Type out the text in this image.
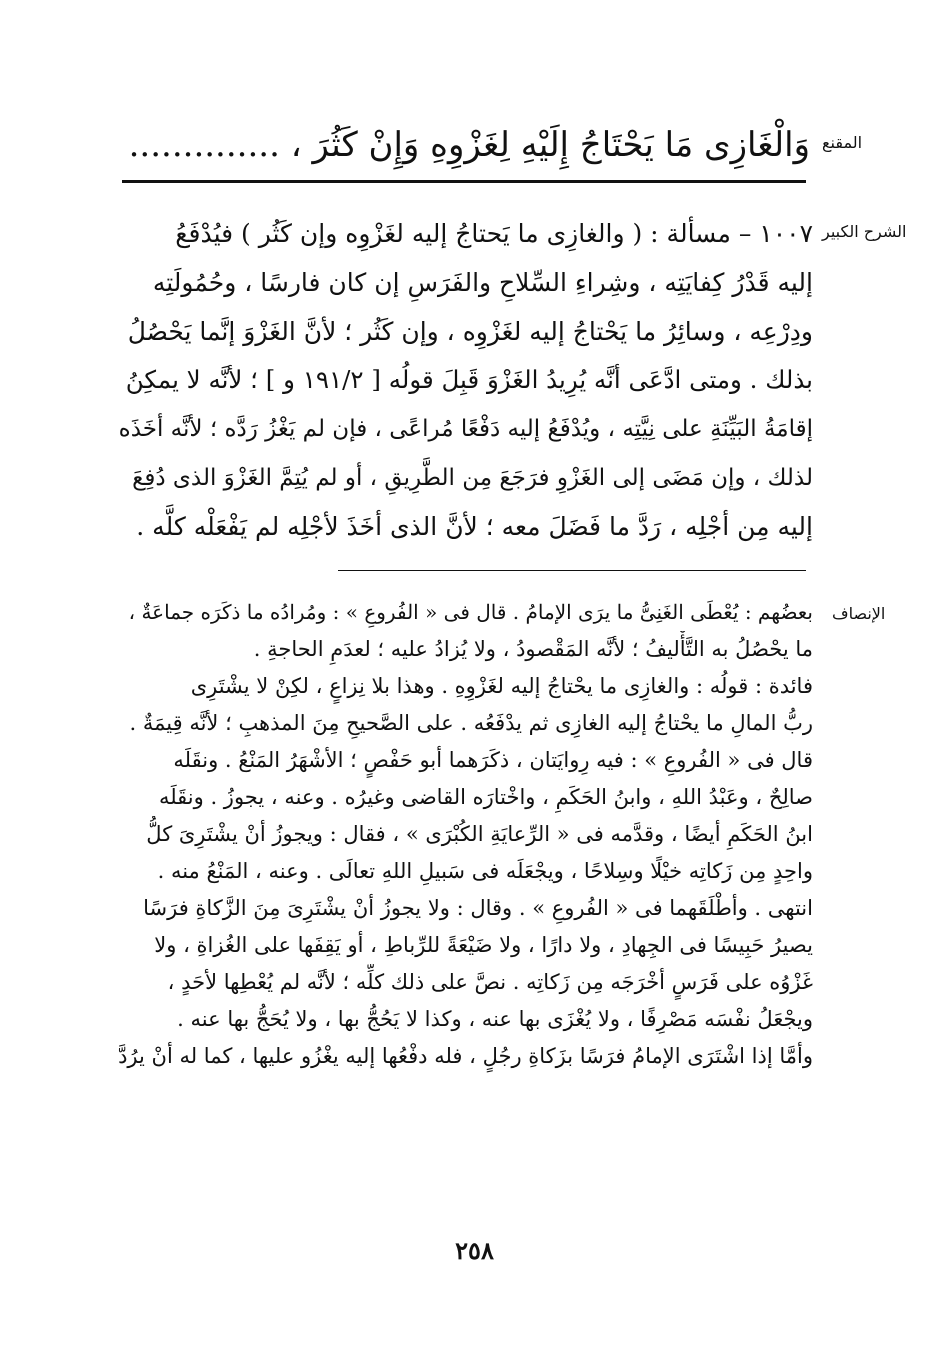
المقنع
وَالْغَازِى مَا يَحْتَاجُ إِلَيْهِ لِغَزْوِهِ وَإِنْ كَثُرَ ، ..............
الشرح الكبير
١٠٠٧ – مسألة : ( والغازِى ما يَحتاجُ إليه لغَزْوِه وإن كَثُر ) فيُدْفَعُ
إليه قَدْرُ كِفايَتِه ، وشِراءِ السِّلاحِ والفَرَسِ إن كان فارسًا ، وحُمُولَتِه
ودِرْعِه ، وسائِرُ ما يَحْتاجُ إليه لغَزْوِه ، وإن كَثُر ؛ لأنَّ الغَزْوَ إنَّما يَحْصُلُ
بذلك . ومتى ادَّعَى أنَّه يُرِيدُ الغَزْوَ قَبِلَ قولُه [ ١٩١/٢ و ] ؛ لأنَّه لا يمكِنُ
إقامَةُ البَيِّنَةِ على نِيَّتِه ، ويُدْفَعُ إليه دَفْعًا مُراعًى ، فإن لم يَغْزُ رَدَّه ؛ لأنَّه أخَذَه
لذلك ، وإن مَضَى إلى الغَزْوِ فرَجَعَ مِن الطَّرِيقِ ، أو لم يُتِمَّ الغَزْوَ الذى دُفِعَ
إليه مِن أجْلِه ، رَدَّ ما فَضَلَ معه ؛ لأنَّ الذى أخَذَ لأجْلِه لم يَفْعَلْه كلَّه .
الإنصاف
بعضُهم : يُعْطَى الغَنِىُّ ما يرَى الإمامُ . قال فى « الفُروعِ » : ومُرادُه ما ذكَرَه جماعَةٌ ،
ما يحْصُلُ به التَّأْليفُ ؛ لأنَّه المَقْصودُ ، ولا يُزادُ عليه ؛ لعدَمِ الحاجةِ .
فائدة : قولُه : والغازِى ما يحْتاجُ إليه لغَزْوِهِ . وهذا بلا نِزاعٍ ، لكِنْ لا يشْتَرِى
ربُّ المالِ ما يحْتاجُ إليه الغازِى ثم يدْفَعُه . على الصَّحيحِ مِنَ المذهبِ ؛ لأنَّه قِيمَةٌ .
قال فى « الفُروعِ » : فيه رِوايَتان ، ذكَرَهما أبو حَفْصٍ ؛ الأشْهَرُ المَنْعُ . ونقَلَه
صالِحٌ ، وعَبْدُ اللهِ ، وابنُ الحَكَمِ ، واخْتارَه القاضى وغيرُه . وعنه ، يجوزُ . ونقَلَه
ابنُ الحَكَمِ أيضًا ، وقدَّمه فى « الرِّعايَةِ الكُبْرَى » ، فقال : ويجوزُ أنْ يشْتَرِىَ كلُّ
واحِدٍ مِن زَكاتِه خيْلًا وسِلاحًا ، ويجْعَلَه فى سَبيلِ اللهِ تعالَى . وعنه ، المَنْعُ منه .
انتهى . وأطْلَقَهما فى « الفُروعِ » . وقال : ولا يجوزُ أنْ يشْتَرِىَ مِنَ الزَّكاةِ فرَسًا
يصيرُ حَبِيسًا فى الجِهادِ ، ولا دارًا ، ولا ضَيْعَةً للرِّباطِ ، أو يَقِفَها على الغُزاةِ ، ولا
غَزْوُه على فَرَسٍ أخْرَجَه مِن زَكاتِه . نصَّ على ذلك كلِّه ؛ لأنَّه لم يُعْطِها لأحَدٍ ،
ويجْعَلُ نفْسَه مَصْرِفًا ، ولا يُغْزَى بها عنه ، وكذا لا يَحُجُّ بها ، ولا يُحَجُّ بها عنه .
وأمَّا إذا اشْتَرَى الإمامُ فرَسًا بزَكاةِ رجُلٍ ، فله دفْعُها إليه يغْزُو عليها ، كما له أنْ يرُدَّ
٢٥٨
